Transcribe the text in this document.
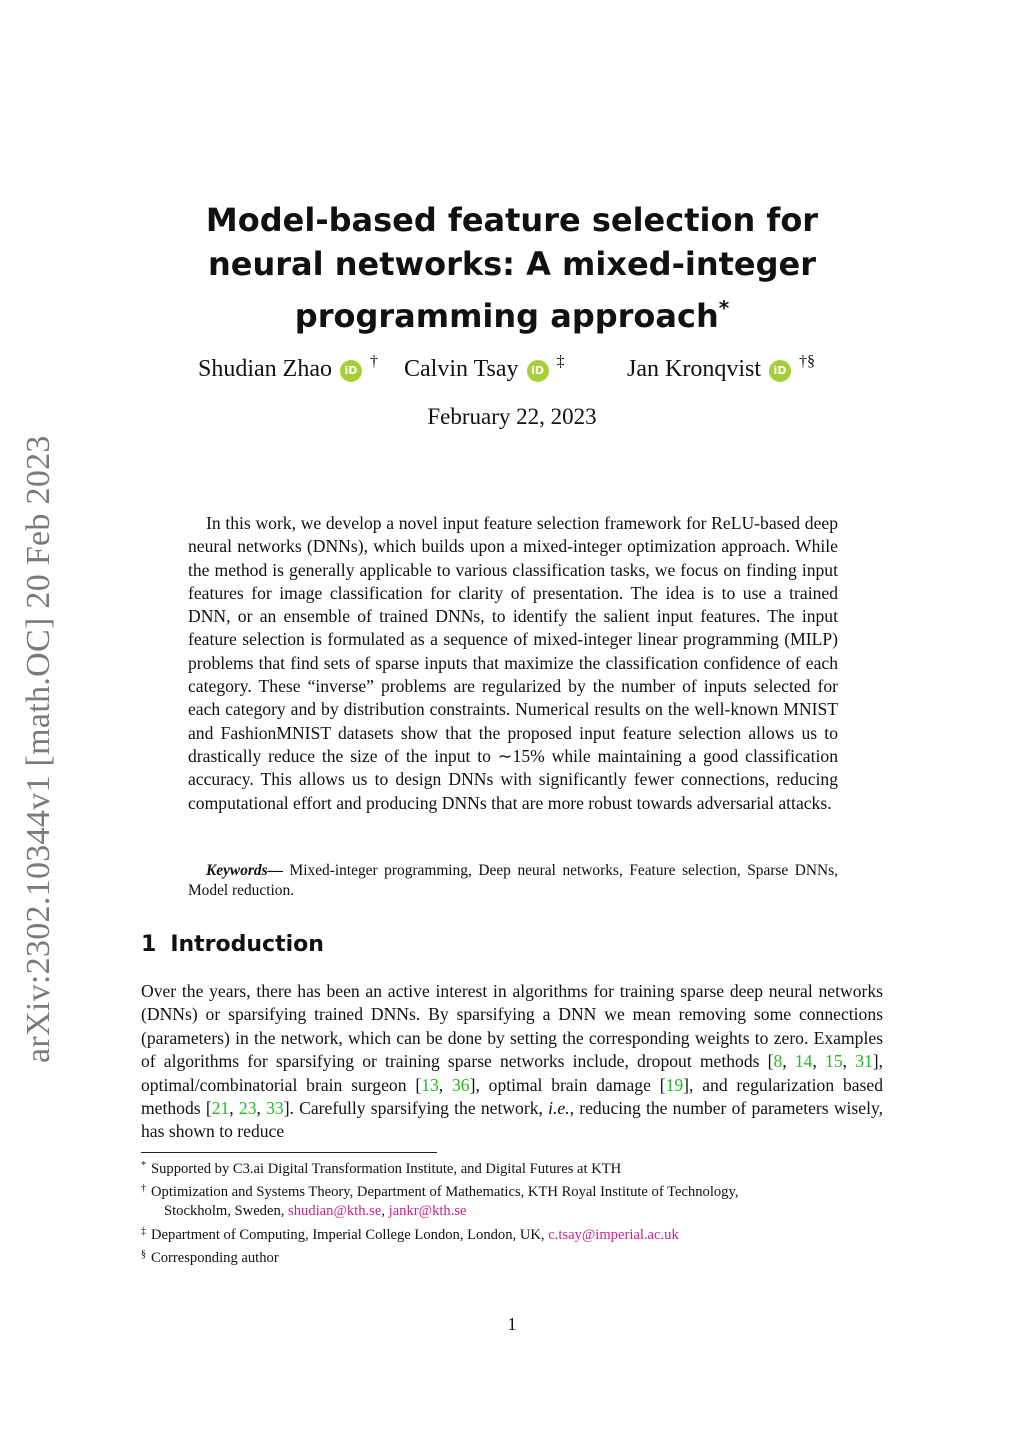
arXiv:2302.10344v1 [math.OC] 20 Feb 2023
Model-based feature selection for neural networks: A mixed-integer programming approach*
Shudian Zhao	iD
† Calvin Tsay	iD
‡	Jan Kronqvist	iD
†§
February 22, 2023

In this work, we develop a novel input feature selection framework for ReLU-based deep neural networks (DNNs), which builds upon a mixed-integer optimization approach. While the method is generally applicable to various classification tasks, we focus on finding input features for image classification for clarity of presentation. The idea is to use a trained DNN, or an ensemble of trained DNNs, to identify the salient input features. The input feature selection is formulated as a sequence of mixed-integer linear programming (MILP) problems that find sets of sparse inputs that maximize the classification confidence of each category. These “inverse” problems are regularized by the number of inputs selected for each category and by distribution constraints. Numerical results on the well-known MNIST and FashionMNIST datasets show that the proposed input feature selection allows us to drastically reduce the size of the input to ∼15% while maintaining a good classification accuracy. This allows us to design DNNs with significantly fewer connections, reducing computational effort and producing DNNs that are more robust towards adversarial attacks.

Keywords— Mixed-integer programming, Deep neural networks, Feature selection, Sparse DNNs, Model reduction.

1 Introduction

Over the years, there has been an active interest in algorithms for training sparse deep neural networks (DNNs) or sparsifying trained DNNs. By sparsifying a DNN we mean removing some connections (parameters) in the network, which can be done by setting the corresponding weights to zero. Examples of algorithms for sparsifying or training sparse networks include, dropout methods [8, 14, 15, 31], optimal/combinatorial brain surgeon [13, 36], optimal brain damage [19], and regularization based methods [21, 23, 33]. Carefully sparsifying the network, i.e., reducing the number of parameters wisely, has shown to reduce

* Supported by C3.ai Digital Transformation Institute, and Digital Futures at KTH
† Optimization and Systems Theory, Department of Mathematics, KTH Royal Institute of Technology,
Stockholm, Sweden, shudian@kth.se, jankr@kth.se
‡ Department of Computing, Imperial College London, London, UK, c.tsay@imperial.ac.uk
§ Corresponding author
1
